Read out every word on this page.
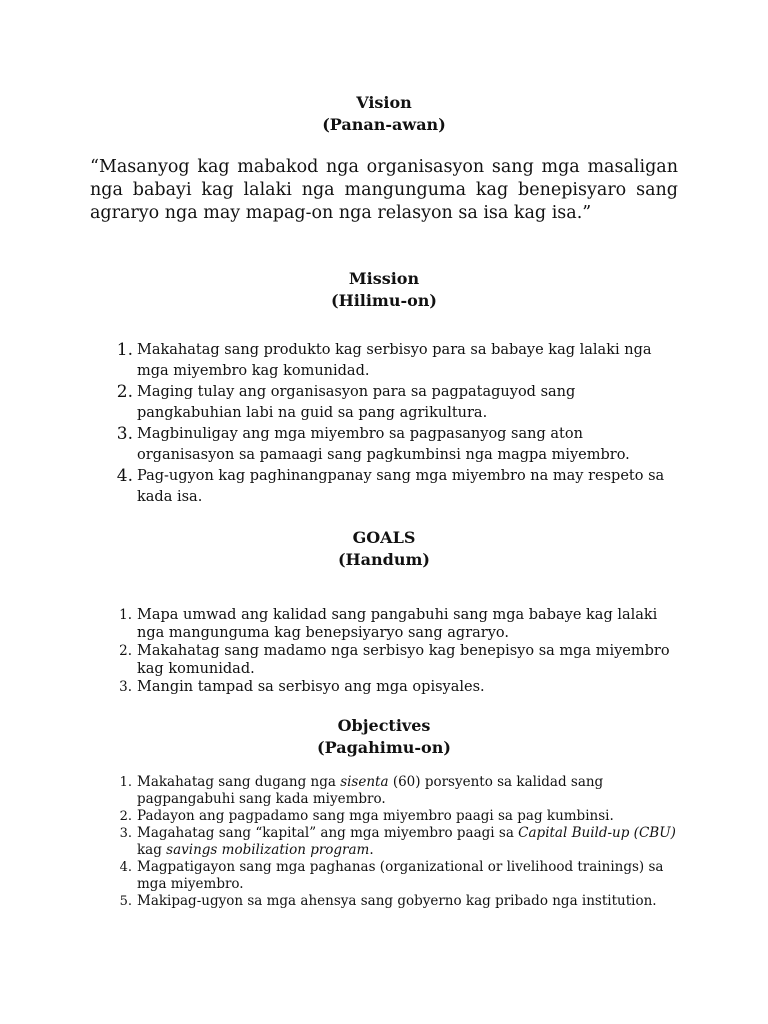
Vision
(Panan-awan)
“Masanyog kag mabakod nga organisasyon sang mga masaligan nga babayi kag lalaki nga mangunguma kag benepisyaro sang agraryo nga may mapag-on nga relasyon sa isa kag isa.”
Mission
(Hilimu-on)
1. Makahatag sang produkto kag serbisyo para sa babaye kag lalaki nga mga miyembro kag komunidad.
2. Maging tulay ang organisasyon para sa pagpataguyod sang pangkabuhian labi na guid sa pang agrikultura.
3. Magbinuligay ang mga miyembro sa pagpasanyog sang aton organisasyon sa pamaagi sang pagkumbinsi nga magpa miyembro.
4. Pag-ugyon kag paghinangpanay sang mga miyembro na may respeto sa kada isa.
GOALS
(Handum)
1. Mapa umwad ang kalidad sang pangabuhi sang mga babaye kag lalaki nga mangunguma kag benepsiyaryo sang agraryo.
2. Makahatag sang madamo nga serbisyo kag benepisyo sa mga miyembro kag komunidad.
3. Mangin tampad sa serbisyo ang mga opisyales.
Objectives
(Pagahimu-on)
1. Makahatag sang dugang nga sisenta (60) porsyento sa kalidad sang pagpangabuhi sang kada miyembro.
2. Padayon ang pagpadamo sang mga miyembro paagi sa pag kumbinsi.
3. Magahatag sang “kapital” ang mga miyembro paagi sa Capital Build-up (CBU) kag savings mobilization program.
4. Magpatigayon sang mga paghanas (organizational or livelihood trainings) sa mga miyembro.
5. Makipag-ugyon sa mga ahensya sang gobyerno kag pribado nga institution.
